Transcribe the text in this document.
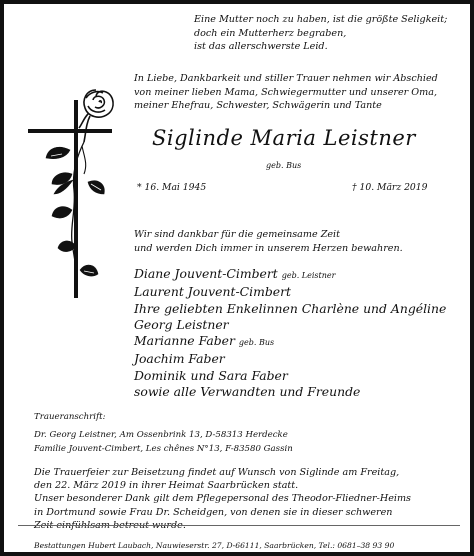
Eine Mutter noch zu haben, ist die größte Seligkeit;
doch ein Mutterherz begraben,
ist das allerschwerste Leid.
In Liebe, Dankbarkeit und stiller Trauer nehmen wir Abschied
von meiner lieben Mama, Schwiegermutter und unserer Oma,
meiner Ehefrau, Schwester, Schwägerin und Tante
Siglinde Maria Leistner
geb. Bus
* 16. Mai 1945	† 10. März 2019
Wir sind dankbar für die gemeinsame Zeit
und werden Dich immer in unserem Herzen bewahren.
Diane Jouvent-Cimbert geb. Leistner
Laurent Jouvent-Cimbert
Ihre geliebten Enkelinnen Charlène und Angéline
Georg Leistner
Marianne Faber geb. Bus
Joachim Faber
Dominik und Sara Faber
sowie alle Verwandten und Freunde
Traueranschrift:
Dr. Georg Leistner, Am Ossenbrink 13, D-58313 Herdecke
Familie Jouvent-Cimbert, Les chênes N°13, F-83580 Gassin
Die Trauerfeier zur Beisetzung findet auf Wunsch von Siglinde am Freitag,
den 22. März 2019 in ihrer Heimat Saarbrücken statt.
Unser besonderer Dank gilt dem Pflegepersonal des Theodor-Fliedner-Heims
in Dortmund sowie Frau Dr. Scheidgen, von denen sie in dieser schweren
Zeit einfühlsam betreut wurde.
Bestattungen Hubert Laubach, Nauwieserstr. 27, D-66111, Saarbrücken, Tel.: 0681–38 93 90
